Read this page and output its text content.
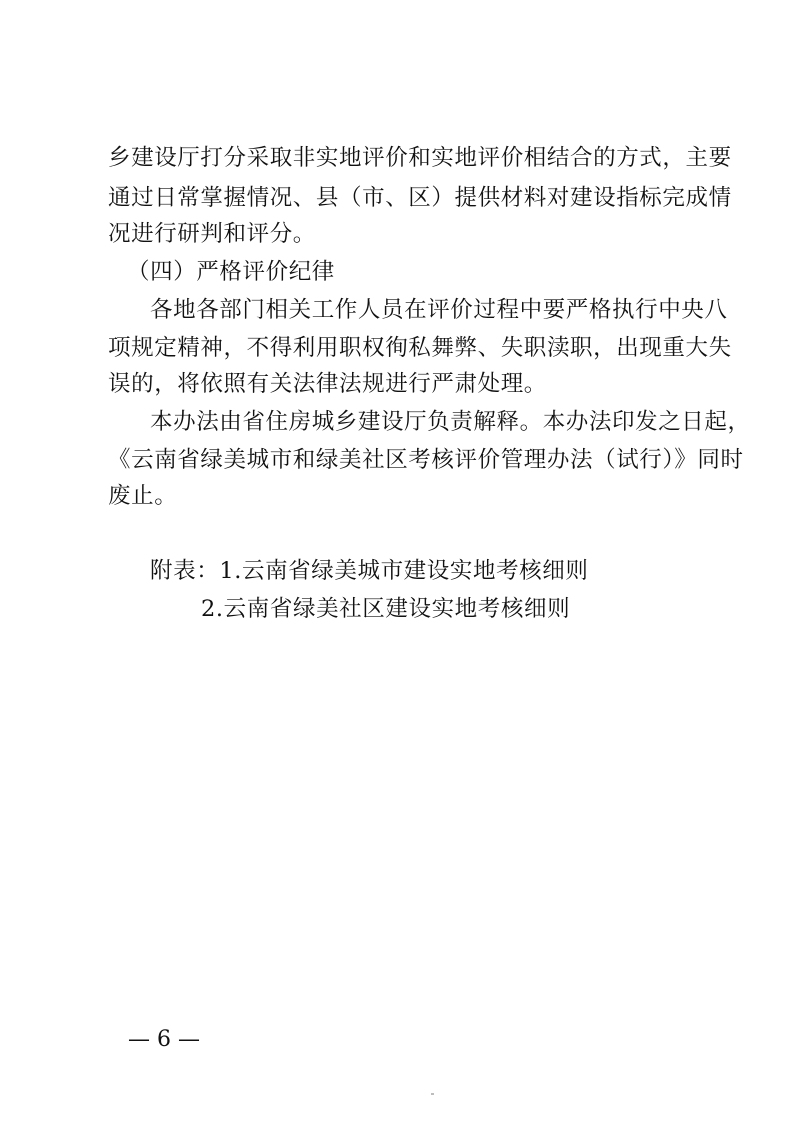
乡建设厅打分采取非实地评价和实地评价相结合的方式，主要
通过日常掌握情况、县（市、区）提供材料对建设指标完成情
况进行研判和评分。
（四）严格评价纪律
各地各部门相关工作人员在评价过程中要严格执行中央八
项规定精神，不得利用职权徇私舞弊、失职渎职，出现重大失
误的，将依照有关法律法规进行严肃处理。
本办法由省住房城乡建设厅负责解释。本办法印发之日起，
《云南省绿美城市和绿美社区考核评价管理办法（试行）》同时
废止。
附表：1.云南省绿美城市建设实地考核细则
2.云南省绿美社区建设实地考核细则
— 6 —
